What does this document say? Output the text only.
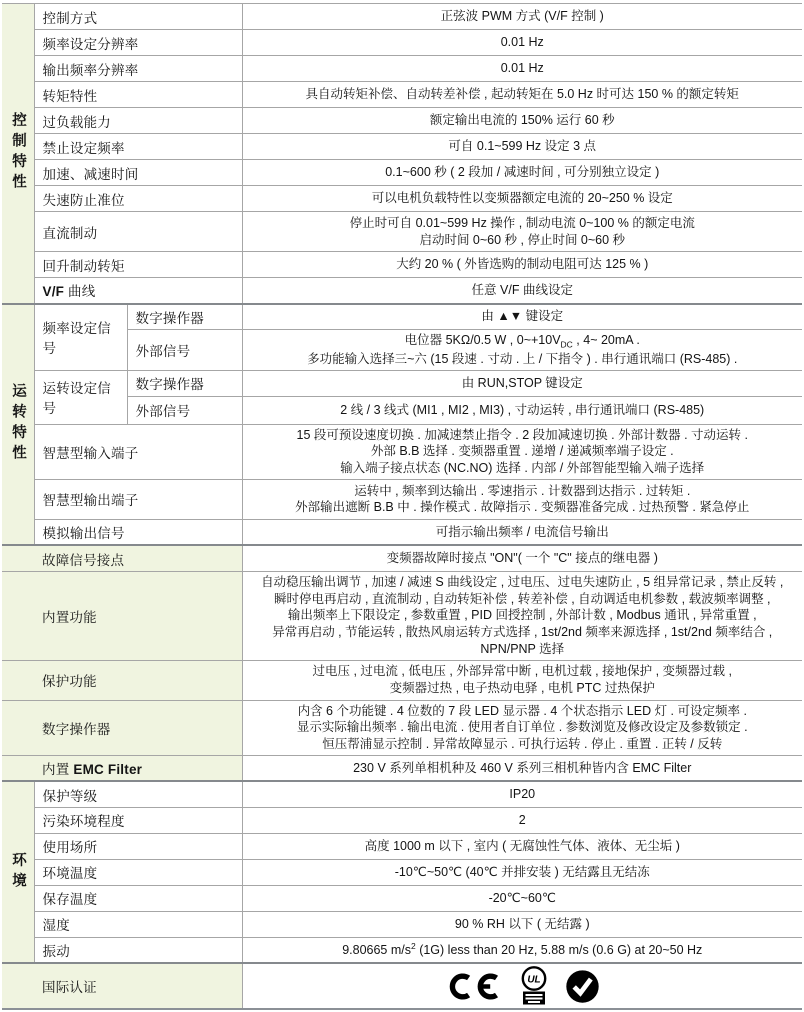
控制特性	控制方式		正弦波 PWM 方式 (V/F 控制 )
	频率设定分辨率		0.01 Hz
	输出频率分辨率		0.01 Hz
	转矩特性		具自动转矩补偿、自动转差补偿 , 起动转矩在 5.0 Hz 时可达 150 % 的额定转矩
	过负载能力		额定输出电流的 150% 运行 60 秒
	禁止设定频率		可自 0.1~599 Hz 设定 3 点
	加速、减速时间		0.1~600 秒 ( 2 段加 / 减速时间 , 可分别独立设定 )
	失速防止准位		可以电机负载特性以变频器额定电流的 20~250 % 设定
	直流制动		停止时可自 0.01~599 Hz 操作 , 制动电流 0~100 % 的额定电流
启动时间 0~60 秒 , 停止时间 0~60 秒
	回升制动转矩		大约 20 % ( 外皆选购的制动电阻可达 125 % )
	V/F 曲线		任意 V/F 曲线设定

运转特性	频率设定信号	数字操作器	由 ▲▼ 键设定
		外部信号	电位器 5KΩ/0.5 W , $0\sim+10V_{DC}$ , 4~ 20mA .
多功能输入选择三~六 (15 段速 . 寸动 . 上 / 下指令 ) . 串行通讯端口 (RS-485) .
	运转设定信号	数字操作器	由 RUN,STOP 键设定
		外部信号	2 线 / 3 线式 (MI1 , MI2 , MI3) , 寸动运转 , 串行通讯端口 (RS-485)
	智慧型输入端子		15 段可预设速度切换 . 加减速禁止指令 . 2 段加减速切换 . 外部计数器 . 寸动运转 .
外部 B.B 选择 . 变频器重置 . 递增 / 递减频率端子设定 .
输入端子接点状态 (NC.NO) 选择 . 内部 / 外部智能型输入端子选择
	智慧型输出端子		运转中 , 频率到达输出 . 零速指示 . 计数器到达指示 . 过转矩 .
外部输出遮断 B.B 中 . 操作模式 . 故障指示 . 变频器准备完成 . 过热预警 . 紧急停止
	模拟输出信号		可指示输出频率 / 电流信号输出
故障信号接点			变频器故障时接点 "ON"( 一个 "C" 接点的继电器 )
内置功能			自动稳压输出调节 , 加速 / 减速 S 曲线设定 , 过电压、过电失速防止 , 5 组异常记录 , 禁止反转 ,
瞬时停电再启动 , 直流制动 , 自动转矩补偿 , 转差补偿 , 自动调适电机参数 , 载波频率调整 ,
输出频率上下限设定 , 参数重置 , PID 回授控制 , 外部计数 , Modbus 通讯 , 异常重置 ,
异常再启动 , 节能运转 , 散热风扇运转方式选择 , 1st/2nd 频率来源选择 , 1st/2nd 频率结合 ,
NPN/PNP 选择
保护功能			过电压 , 过电流 , 低电压 , 外部异常中断 , 电机过载 , 接地保护 , 变频器过载 ,
变频器过热 , 电子热动电驿 , 电机 PTC 过热保护
数字操作器			内含 6 个功能键 . 4 位数的 7 段 LED 显示器 . 4 个状态指示 LED 灯 . 可设定频率 .
显示实际输出频率 . 输出电流 . 使用者自订单位 . 参数浏览及修改设定及参数锁定 .
恒压帮浦显示控制 . 异常故障显示 . 可执行运转 . 停止 . 重置 . 正转 / 反转
内置 EMC Filter			230 V 系列单相机种及 460 V 系列三相机种皆内含 EMC Filter

环境	保护等级		IP20
	污染环境程度		2
	使用场所		高度 1000 m 以下 , 室内 ( 无腐蚀性气体、液体、无尘垢 )
	环境温度		-10℃~50℃ (40℃ 并排安装 ) 无结露且无结冻
	保存温度		-20℃~60℃
	湿度		90 % RH 以下 ( 无结露 )
	振动		9.80665 $m/s^2$ (1G) less than 20 Hz, 5.88 m/s (0.6 G) at 20~50 Hz
国际认证			UL
